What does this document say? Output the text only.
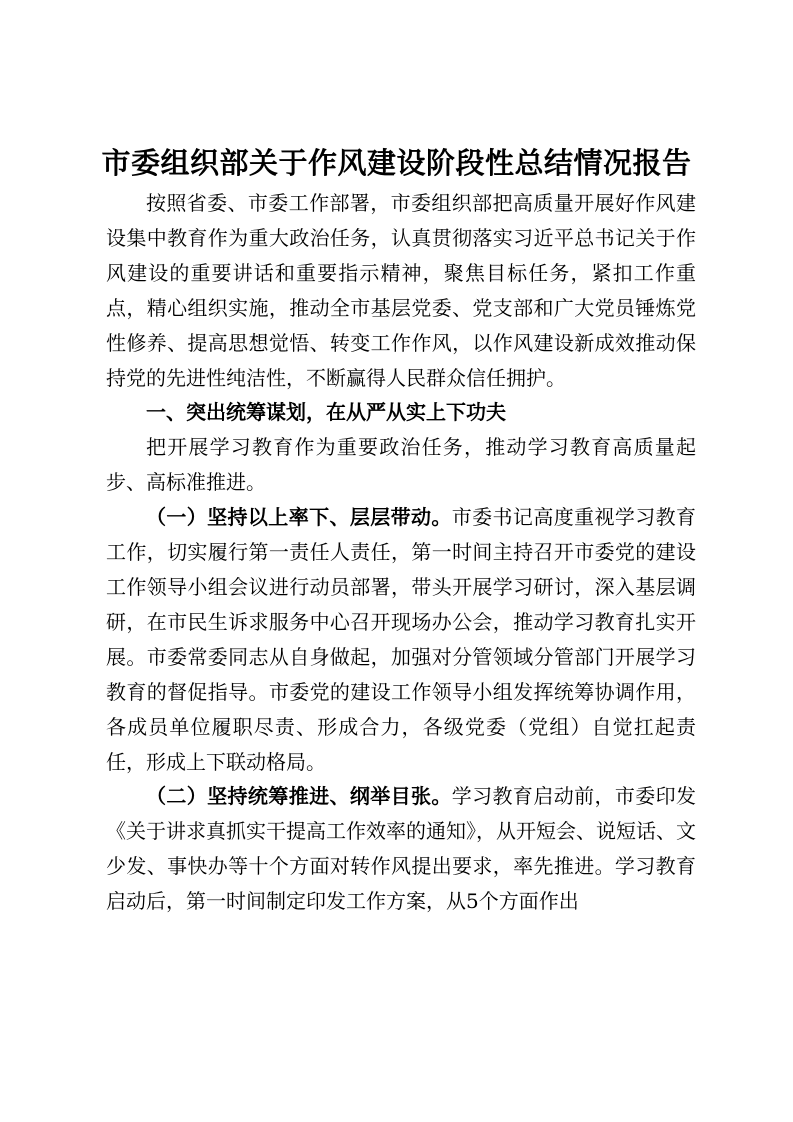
市委组织部关于作风建设阶段性总结情况报告

按照省委、市委工作部署，市委组织部把高质量开展好作风建设集中教育作为重大政治任务，认真贯彻落实习近平总书记关于作风建设的重要讲话和重要指示精神，聚焦目标任务，紧扣工作重点，精心组织实施，推动全市基层党委、党支部和广大党员锤炼党性修养、提高思想觉悟、转变工作作风，以作风建设新成效推动保持党的先进性纯洁性，不断赢得人民群众信任拥护。

一、突出统筹谋划，在从严从实上下功夫

把开展学习教育作为重要政治任务，推动学习教育高质量起步、高标准推进。

（一）坚持以上率下、层层带动。市委书记高度重视学习教育工作，切实履行第一责任人责任，第一时间主持召开市委党的建设工作领导小组会议进行动员部署，带头开展学习研讨，深入基层调研，在市民生诉求服务中心召开现场办公会，推动学习教育扎实开展。市委常委同志从自身做起，加强对分管领域分管部门开展学习教育的督促指导。市委党的建设工作领导小组发挥统筹协调作用，各成员单位履职尽责、形成合力，各级党委（党组）自觉扛起责任，形成上下联动格局。

（二）坚持统筹推进、纲举目张。学习教育启动前，市委印发《关于讲求真抓实干提高工作效率的通知》，从开短会、说短话、文少发、事快办等十个方面对转作风提出要求，率先推进。学习教育启动后，第一时间制定印发工作方案，从5个方面作出
